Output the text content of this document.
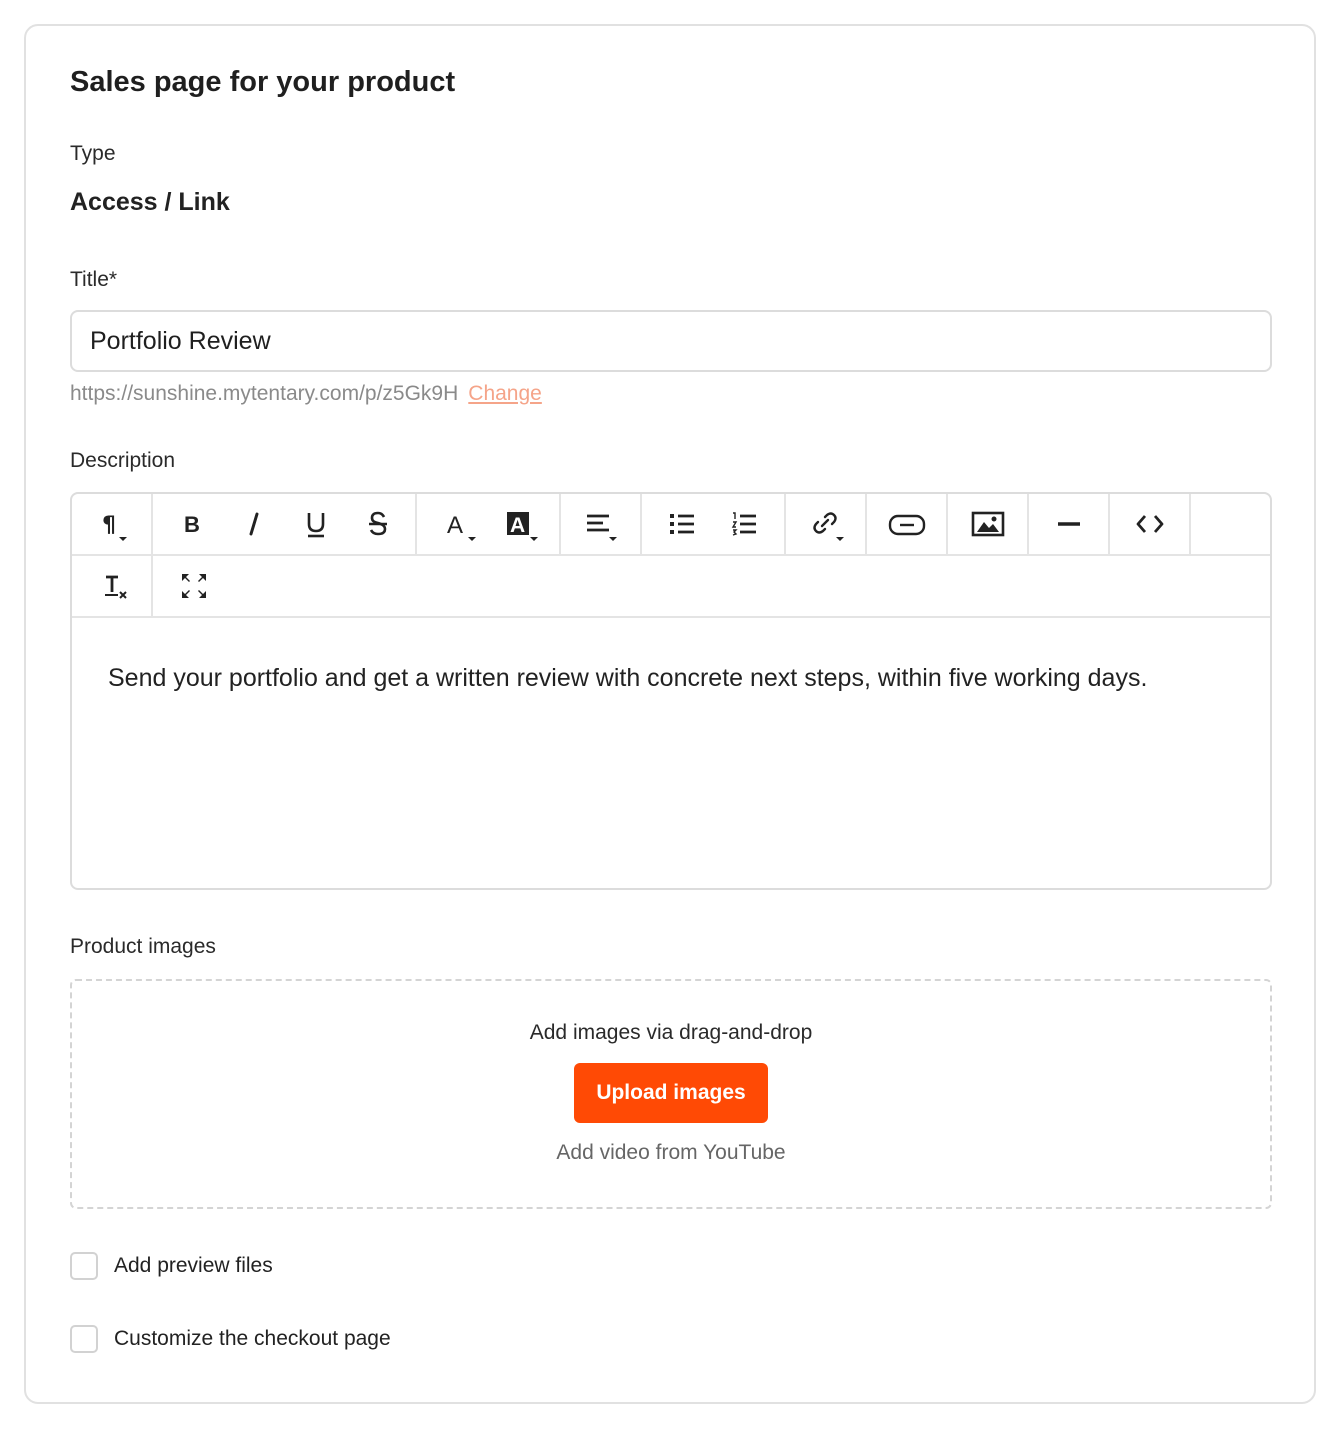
Sales page for your product
Type
Access / Link
Title*
Portfolio Review
https://sunshine.mytentary.com/p/z5Gk9H Change
Description
¶	B	A A
Send your portfolio and get a written review with concrete next steps, within five working days.
Product images
Add images via drag-and-drop
Upload images
Add video from YouTube
Add preview files
Customize the checkout page
